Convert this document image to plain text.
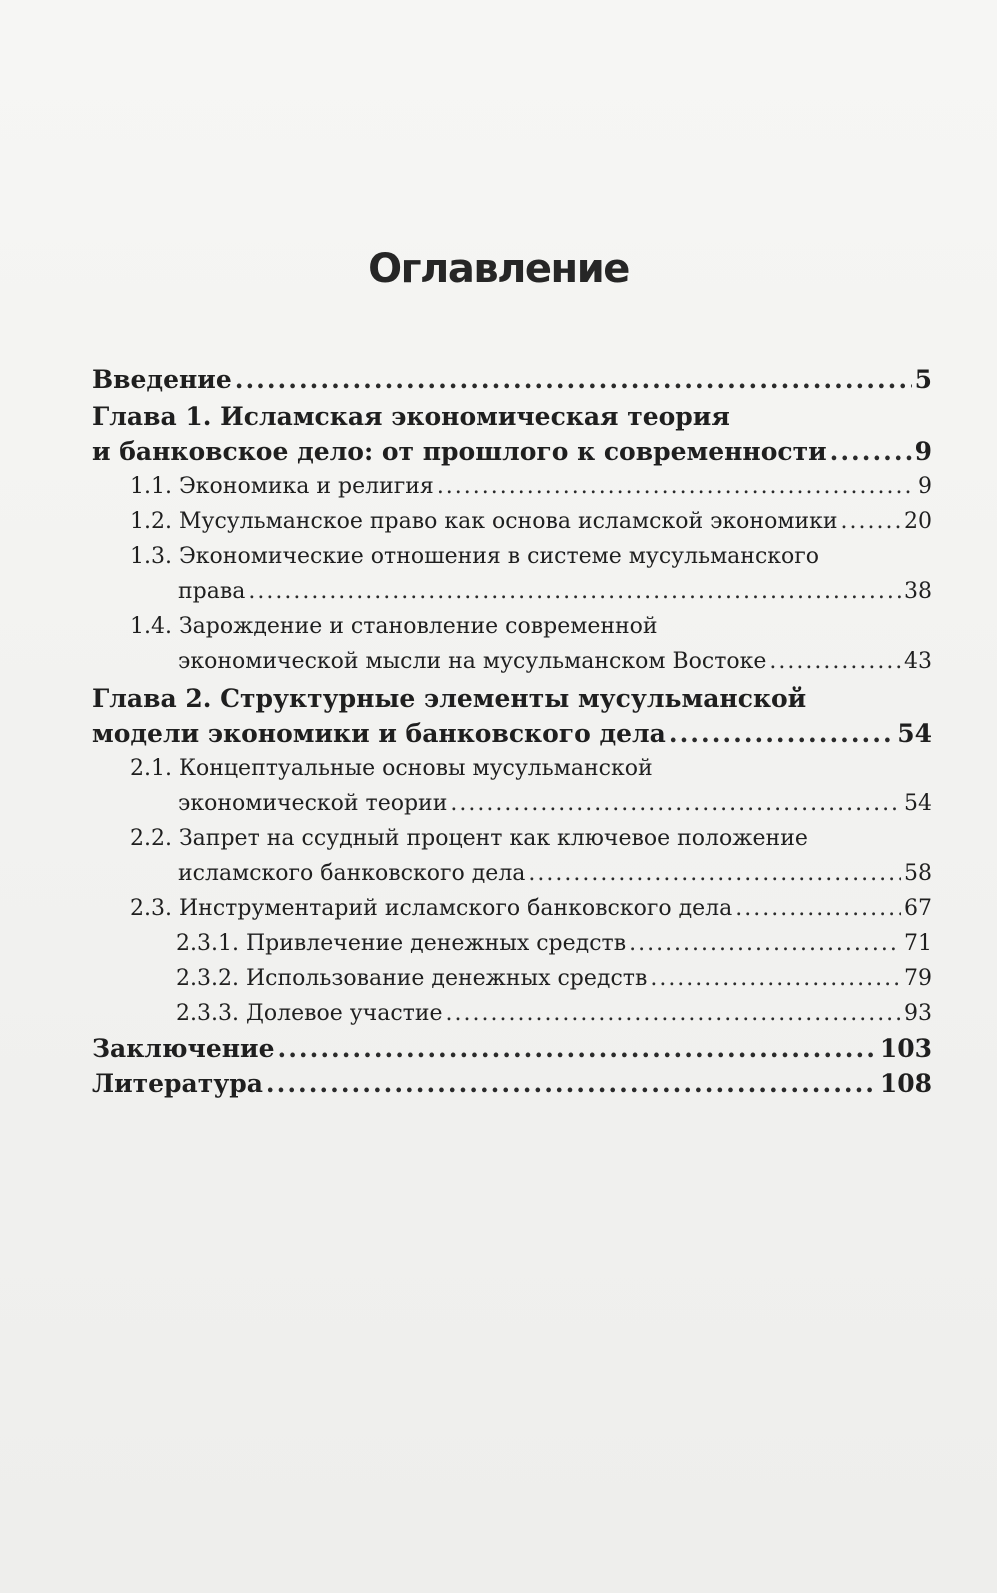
Оглавление
Введение .....	5
Глава 1. Исламская экономическая теория
и банковское дело: от прошлого к современности .....	9
1.1. Экономика и религия .....	9
1.2. Мусульманское право как основа исламской экономики .....	20
1.3. Экономические отношения в системе мусульманского
права .....	38
1.4. Зарождение и становление современной
экономической мысли на мусульманском Востоке .....	43
Глава 2. Структурные элементы мусульманской
модели экономики и банковского дела .....	54
2.1. Концептуальные основы мусульманской
экономической теории .....	54
2.2. Запрет на ссудный процент как ключевое положение
исламского банковского дела .....	58
2.3. Инструментарий исламского банковского дела .....	67
2.3.1. Привлечение денежных средств .....	71
2.3.2. Использование денежных средств .....	79
2.3.3. Долевое участие .....	93
Заключение .....	103
Литература .....	108
